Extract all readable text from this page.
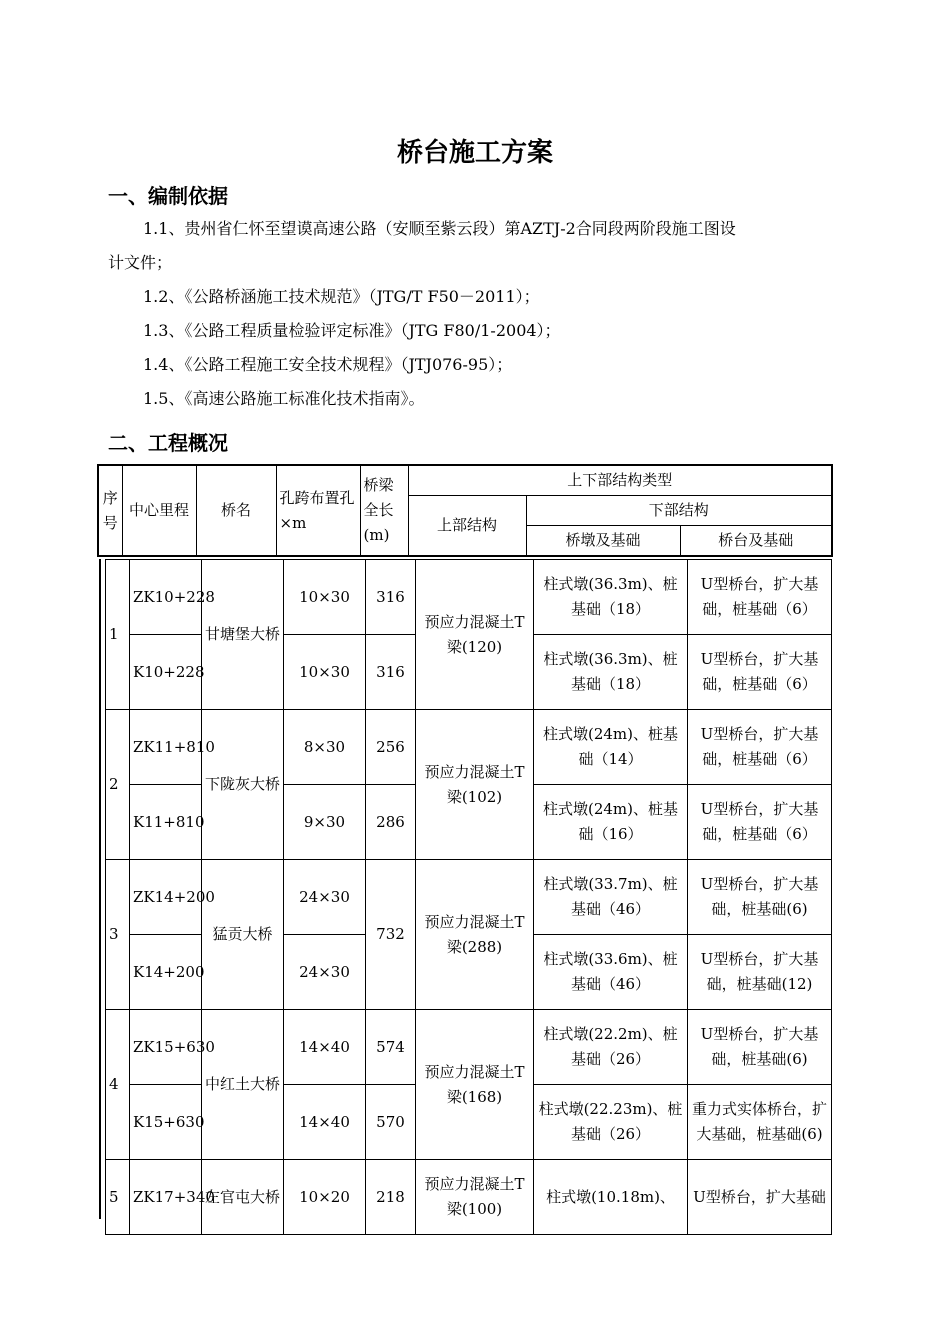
桥台施工方案
一、编制依据
1.1、贵州省仁怀至望谟高速公路（安顺至紫云段）第AZTJ-2合同段两阶段施工图设
计文件；
1.2、《公路桥涵施工技术规范》（JTG/T F50－2011）；
1.3、《公路工程质量检验评定标准》（JTG F80/1-2004）；
1.4、《公路工程施工安全技术规程》（JTJ076-95）；
1.5、《高速公路施工标准化技术指南》。
二、工程概况
序号	中心里程	桥名	孔跨布置孔×m	桥梁全长(m)	上下部结构类型		
					上部结构	下部结构	
						桥墩及基础	桥台及基础
1	ZK10+228	甘塘堡大桥	10×30	316	预应力混凝土T梁(120)	柱式墩(36.3m)、桩基础（18）	U型桥台，扩大基础，桩基础（6）
	K10+228		10×30	316		柱式墩(36.3m)、桩基础（18）	U型桥台，扩大基础，桩基础（6）
2	ZK11+810	下陇灰大桥	8×30	256	预应力混凝土T梁(102)	柱式墩(24m)、桩基础（14）	U型桥台，扩大基础，桩基础（6）
	K11+810		9×30	286		柱式墩(24m)、桩基础（16）	U型桥台，扩大基础，桩基础（6）
3	ZK14+200	猛贡大桥	24×30	732	预应力混凝土T梁(288)	柱式墩(33.7m)、桩基础（46）	U型桥台，扩大基础，桩基础(6)
	K14+200		24×30			柱式墩(33.6m)、桩基础（46）	U型桥台，扩大基础，桩基础(12)
4	ZK15+630	中红土大桥	14×40	574	预应力混凝土T梁(168)	柱式墩(22.2m)、桩基础（26）	U型桥台，扩大基础，桩基础(6)
	K15+630		14×40	570		柱式墩(22.23m)、桩基础（26）	重力式实体桥台，扩大基础，桩基础(6)
5	ZK17+340	左官屯大桥	10×20	218	预应力混凝土T梁(100)	柱式墩(10.18m)、	U型桥台，扩大基础
